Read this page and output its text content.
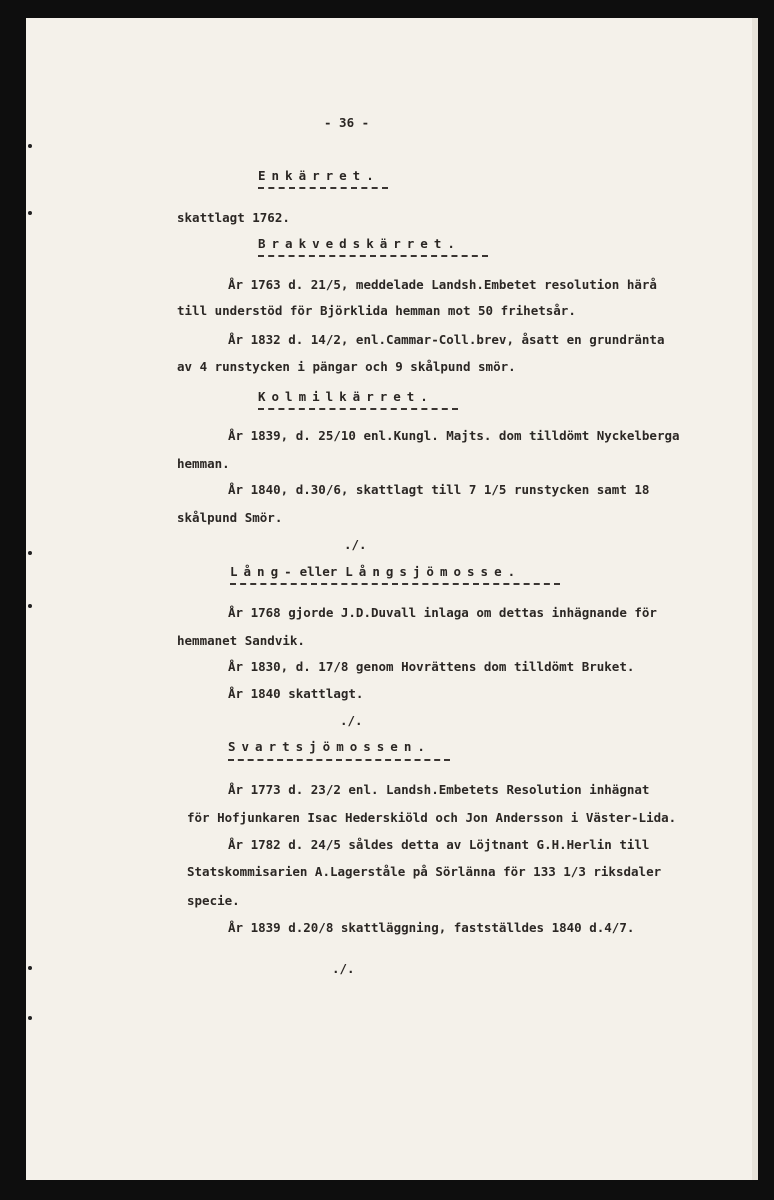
- 36 -
Enkärret.
skattlagt 1762.
Brakvedskärret.
År 1763 d. 21/5, meddelade Landsh.Embetet resolution härå
till understöd för Björklida hemman mot 50 frihetsår.
År 1832 d. 14/2, enl.Cammar-Coll.brev, åsatt en grundränta
av 4 runstycken i pängar och 9 skålpund smör.
Kolmilkärret.
År 1839, d. 25/10 enl.Kungl. Majts. dom tilldömt Nyckelberga
hemman.
År 1840, d.30/6, skattlagt till 7 1/5 runstycken samt 18
skålpund Smör.
./.
Lång- eller Långsjömosse.
År 1768 gjorde J.D.Duvall inlaga om dettas inhägnande för
hemmanet Sandvik.
År 1830, d. 17/8 genom Hovrättens dom tilldömt Bruket.
År 1840 skattlagt.
./.
Svartsjömossen.
År 1773 d. 23/2 enl. Landsh.Embetets Resolution inhägnat
för Hofjunkaren Isac Hederskiöld och Jon Andersson i Väster-Lida.
År 1782 d. 24/5 såldes detta av Löjtnant G.H.Herlin till
Statskommisarien A.Lagerståle på Sörlänna för 133 1/3 riksdaler
specie.
År 1839 d.20/8 skattläggning, fastställdes 1840 d.4/7.
./.
